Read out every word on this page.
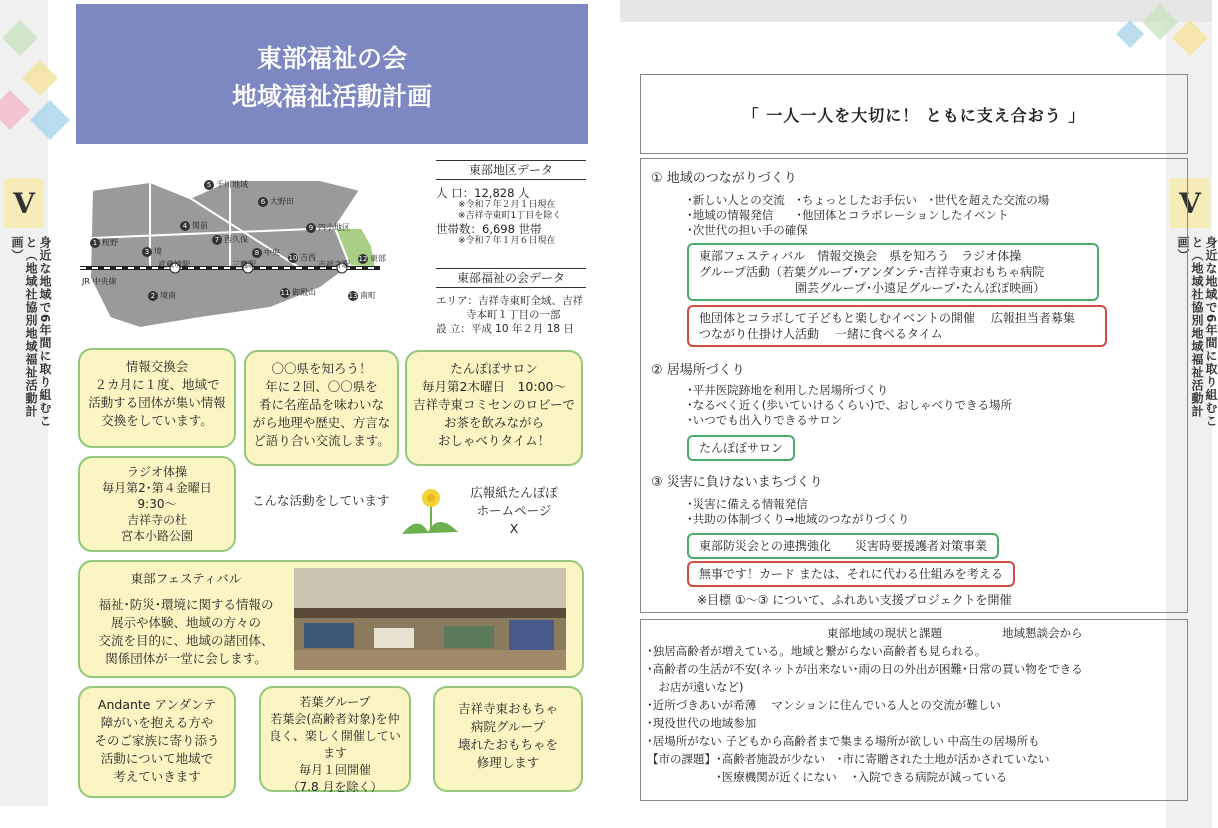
V
身近な地域で6年間に取り組むこと（地域社協別地域福祉活動計画）
東部福祉の会
地域福祉活動計画
1 桜野
2 境南
3 境
4 関前
5 千川地域
6 大野田
7 西久保
8 中央
9 四小地区
10 吉西
11 御殿山
12 東部
13 南町
武蔵境駅	三鷹駅	吉祥寺駅
JR 中央線
東部地区データ
人 口：12,828 人
※令和７年２月１日現在
※吉祥寺東町1丁目を除く
世帯数：6,698 世帯
※令和７年１月６日現在
東部福祉の会データ
エリア：吉祥寺東町全域、吉祥
寺本町１丁目の一部
設 立：平成 10 年２月 18 日
情報交換会
２カ月に１度、地域で
活動する団体が集い情報
交換をしています。
〇〇県を知ろう！
年に２回、〇〇県を
肴に名産品を味わいな
がら地理や歴史、方言な
ど語り合い交流します。
たんぽぽサロン
毎月第2木曜日　10:00～
吉祥寺東コミセンのロビーで
お茶を飲みながら
おしゃべりタイム！
ラジオ体操
毎月第2･第４金曜日
9:30～
吉祥寺の杜
宮本小路公園
こんな活動をしています
広報紙たんぽぽ
ホームページ
X
東部フェスティバル
福祉･防災･環境に関する情報の
展示や体験、地域の方々の
交流を目的に、地域の諸団体、
関係団体が一堂に会します。
Andante アンダンテ
障がいを抱える方や
そのご家族に寄り添う
活動について地域で
考えていきます
若葉グループ
若葉会(高齢者対象)を仲
良く、楽しく開催しています
毎月１回開催
（7.8 月を除く）
吉祥寺東おもちゃ
病院グループ
壊れたおもちゃを
修理します
V
身近な地域で6年間に取り組むこと（地域社協別地域福祉活動計画）
「 一人一人を大切に！ ともに支え合おう 」
① 地域のつながりづくり
･新しい人との交流　･ちょっとしたお手伝い　･世代を超えた交流の場
･地域の情報発信　　･他団体とコラボレーションしたイベント
･次世代の担い手の確保
東部フェスティバル　情報交換会　県を知ろう　ラジオ体操
グループ活動（若葉グループ･アンダンテ･吉祥寺東おもちゃ病院
　　　　　　　　園芸グループ･小遠足グループ･たんぽぽ映画）
他団体とコラボして子どもと楽しむイベントの開催　 広報担当者募集
つながり仕掛け人活動　 一緒に食べるタイム
② 居場所づくり
･平井医院跡地を利用した居場所づくり
･なるべく近く(歩いていけるくらい)で、おしゃべりできる場所
･いつでも出入りできるサロン
たんぽぽサロン
③ 災害に負けないまちづくり
･災害に備える情報発信
･共助の体制づくり→地域のつながりづくり
東部防災会との連携強化　　災害時要援護者対策事業
無事です！カード または、それに代わる仕組みを考える
※目標 ①～③ について、ふれあい支援プロジェクトを開催
東部地域の現状と課題	地域懇談会から
･独居高齢者が増えている。地域と繋がらない高齢者も見られる。
･高齢者の生活が不安(ネットが出来ない･雨の日の外出が困難･日常の買い物をできる
　お店が遠いなど)
･近所づきあいが希薄　 マンションに住んでいる人との交流が難しい
･現役世代の地域参加
･居場所がない 子どもから高齢者まで集まる場所が欲しい 中高生の居場所も
【市の課題】･高齢者施設が少ない　･市に寄贈された土地が活かされていない
　　　　　　･医療機関が近くにない　 ･入院できる病院が減っている
